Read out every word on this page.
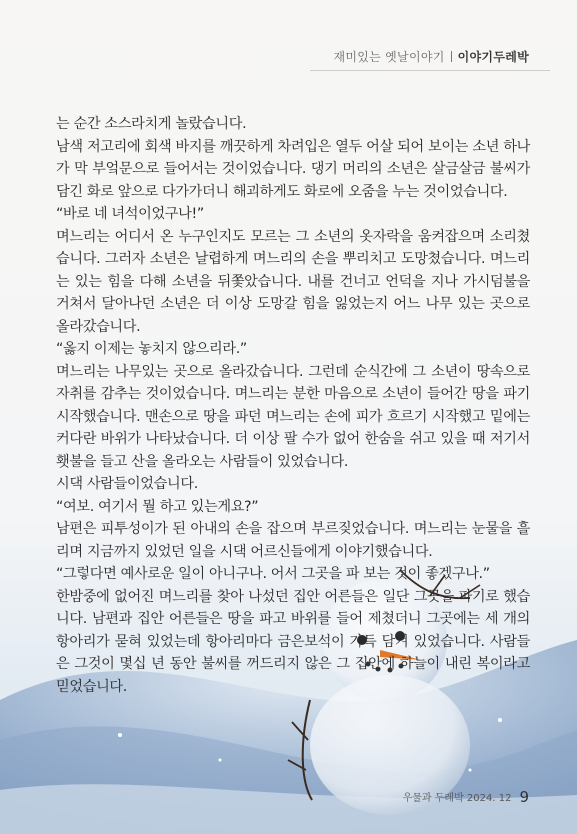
재미있는 옛날이야기 이야기두레박

는 순간 소스라치게 놀랐습니다.

남색 저고리에 회색 바지를 깨끗하게 차려입은 열두 어살 되어 보이는 소년 하나가 막 부엌문으로 들어서는 것이었습니다. 댕기 머리의 소년은 살금살금 불씨가 담긴 화로 앞으로 다가가더니 해괴하게도 화로에 오줌을 누는 것이었습니다.

“바로 네 녀석이었구나!”

며느리는 어디서 온 누구인지도 모르는 그 소년의 옷자락을 움켜잡으며 소리쳤습니다. 그러자 소년은 날렵하게 며느리의 손을 뿌리치고 도망쳤습니다. 며느리는 있는 힘을 다해 소년을 뒤쫓았습니다. 내를 건너고 언덕을 지나 가시덤불을 거쳐서 달아나던 소년은 더 이상 도망갈 힘을 잃었는지 어느 나무 있는 곳으로 올라갔습니다.

“옳지 이제는 놓치지 않으리라.”

며느리는 나무있는 곳으로 올라갔습니다. 그런데 순식간에 그 소년이 땅속으로 자취를 감추는 것이었습니다. 며느리는 분한 마음으로 소년이 들어간 땅을 파기 시작했습니다. 맨손으로 땅을 파던 며느리는 손에 피가 흐르기 시작했고 밑에는 커다란 바위가 나타났습니다. 더 이상 팔 수가 없어 한숨을 쉬고 있을 때 저기서 횃불을 들고 산을 올라오는 사람들이 있었습니다.

시댁 사람들이었습니다.

“여보. 여기서 뭘 하고 있는게요?”

남편은 피투성이가 된 아내의 손을 잡으며 부르짖었습니다. 며느리는 눈물을 흘리며 지금까지 있었던 일을 시댁 어르신들에게 이야기했습니다.

“그렇다면 예사로운 일이 아니구나. 어서 그곳을 파 보는 것이 좋겠구나.”

한밤중에 없어진 며느리를 찾아 나섰던 집안 어른들은 일단 그곳을 파기로 했습니다. 남편과 집안 어른들은 땅을 파고 바위를 들어 제쳤더니 그곳에는 세 개의 항아리가 묻혀 있었는데 항아리마다 금은보석이 가득 담겨 있었습니다. 사람들은 그것이 몇십 년 동안 불씨를 꺼드리지 않은 그 집안에 하늘이 내린 복이라고 믿었습니다.

우물과 두레박 2024. 12 9
